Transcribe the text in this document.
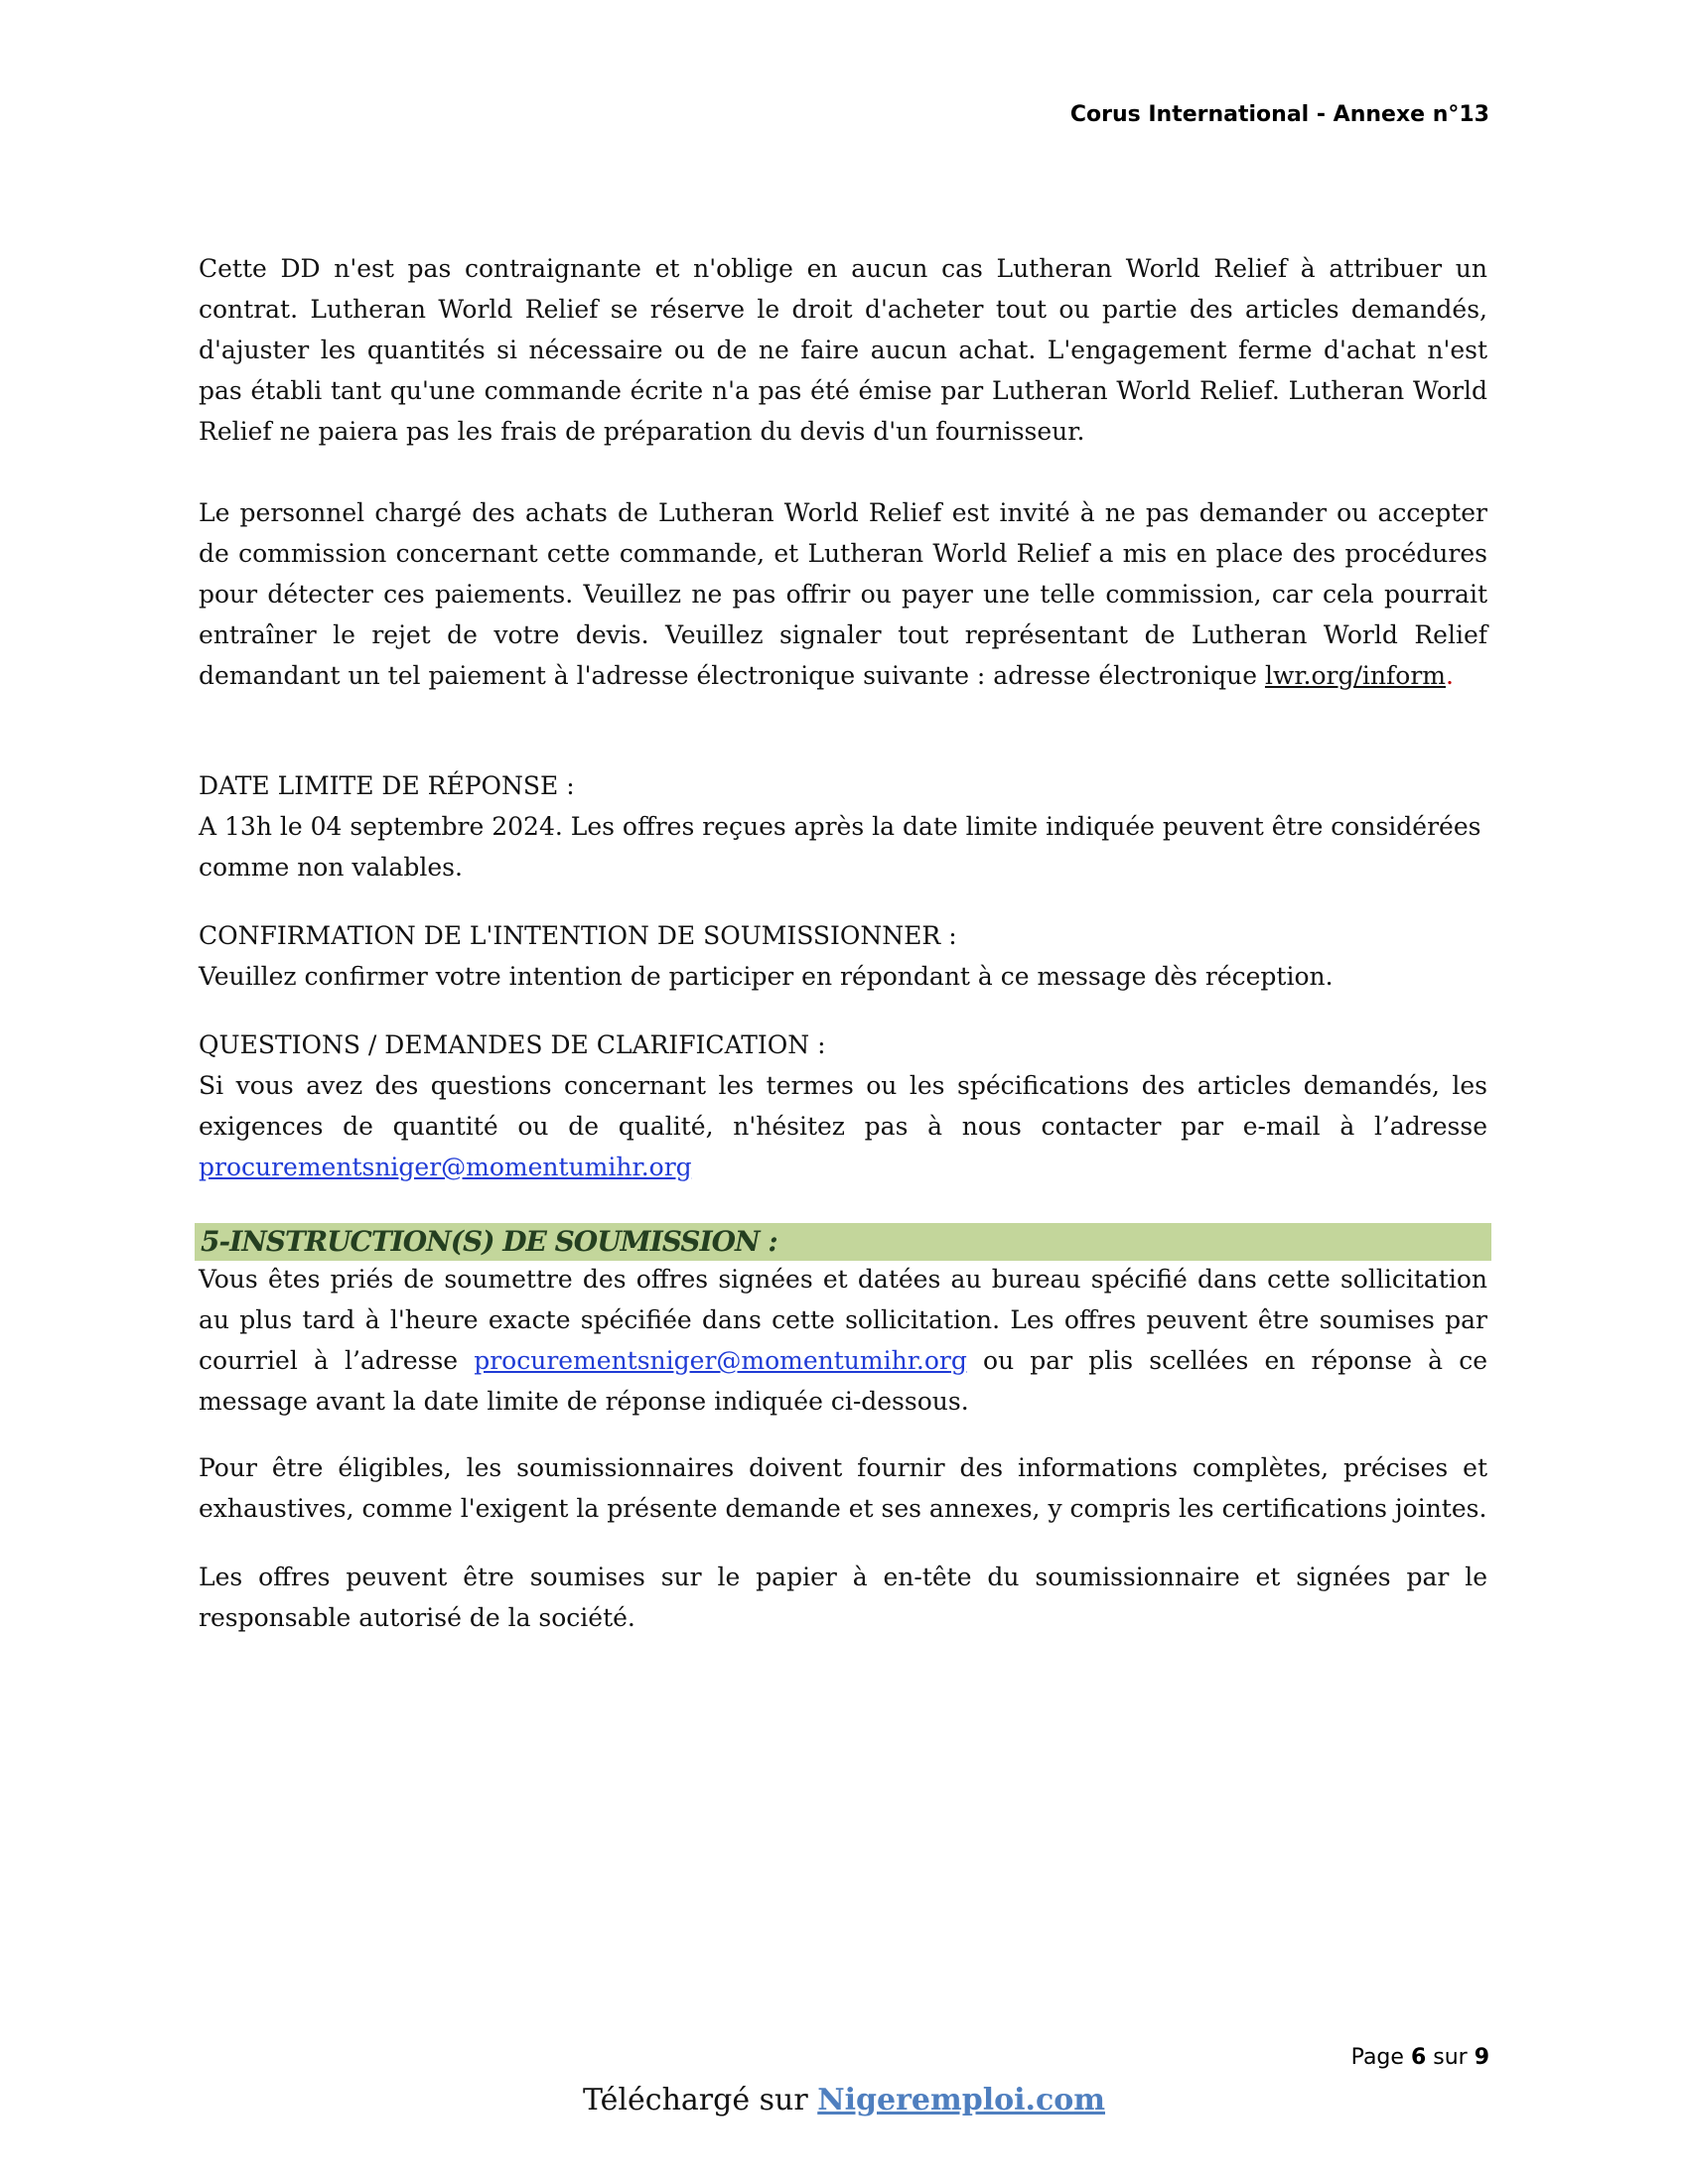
Corus International - Annexe n°13

Cette DD n'est pas contraignante et n'oblige en aucun cas Lutheran World Relief à attribuer un contrat. Lutheran World Relief se réserve le droit d'acheter tout ou partie des articles demandés, d'ajuster les quantités si nécessaire ou de ne faire aucun achat. L'engagement ferme d'achat n'est pas établi tant qu'une commande écrite n'a pas été émise par Lutheran World Relief. Lutheran World Relief ne paiera pas les frais de préparation du devis d'un fournisseur.

Le personnel chargé des achats de Lutheran World Relief est invité à ne pas demander ou accepter de commission concernant cette commande, et Lutheran World Relief a mis en place des procédures pour détecter ces paiements. Veuillez ne pas offrir ou payer une telle commission, car cela pourrait entraîner le rejet de votre devis. Veuillez signaler tout représentant de Lutheran World Relief demandant un tel paiement à l'adresse électronique suivante : adresse électronique lwr.org/inform.

DATE LIMITE DE RÉPONSE :

A 13h le 04 septembre 2024. Les offres reçues après la date limite indiquée peuvent être considérées comme non valables.

CONFIRMATION DE L'INTENTION DE SOUMISSIONNER :

Veuillez confirmer votre intention de participer en répondant à ce message dès réception.

QUESTIONS / DEMANDES DE CLARIFICATION :

Si vous avez des questions concernant les termes ou les spécifications des articles demandés, les exigences de quantité ou de qualité, n'hésitez pas à nous contacter par e-mail à l’adresse procurementsniger@momentumihr.org

5-INSTRUCTION(S) DE SOUMISSION :

Vous êtes priés de soumettre des offres signées et datées au bureau spécifié dans cette sollicitation au plus tard à l'heure exacte spécifiée dans cette sollicitation. Les offres peuvent être soumises par courriel à l’adresse procurementsniger@momentumihr.org ou par plis scellées en réponse à ce message avant la date limite de réponse indiquée ci-dessous.

Pour être éligibles, les soumissionnaires doivent fournir des informations complètes, précises et exhaustives, comme l'exigent la présente demande et ses annexes, y compris les certifications jointes.

Les offres peuvent être soumises sur le papier à en-tête du soumissionnaire et signées par le responsable autorisé de la société.

Page 6 sur 9
Téléchargé sur Nigeremploi.com
